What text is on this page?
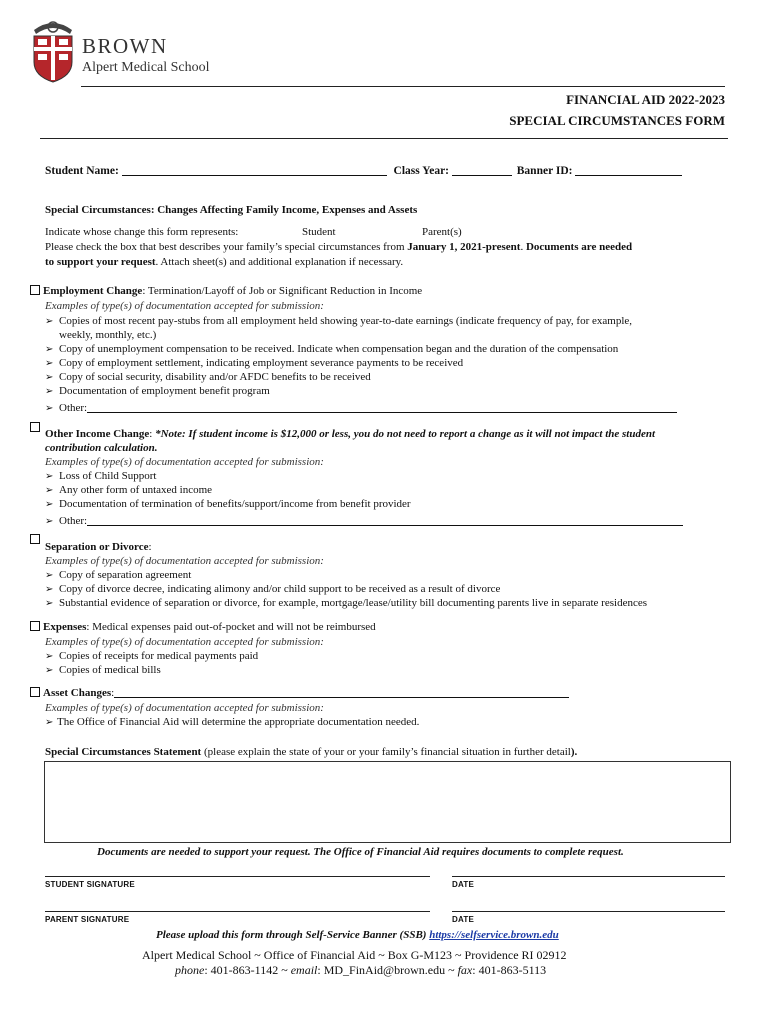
BROWN
Alpert Medical School
FINANCIAL AID 2022-2023
SPECIAL CIRCUMSTANCES FORM
Student Name:	Class Year:	Banner ID:
Special Circumstances: Changes Affecting Family Income, Expenses and Assets
Indicate whose change this form represents:	Student	Parent(s)
Please check the box that best describes your family’s special circumstances from January 1, 2021-present. Documents are needed
to support your request. Attach sheet(s) and additional explanation if necessary.
Employment Change: Termination/Layoff of Job or Significant Reduction in Income
Examples of type(s) of documentation accepted for submission:
➢ Copies of most recent pay-stubs from all employment held showing year-to-date earnings (indicate frequency of pay, for example,
weekly, monthly, etc.)
➢ Copy of unemployment compensation to be received. Indicate when compensation began and the duration of the compensation
➢ Copy of employment settlement, indicating employment severance payments to be received
➢ Copy of social security, disability and/or AFDC benefits to be received
➢ Documentation of employment benefit program
➢ Other:
Other Income Change: *Note: If student income is $12,000 or less, you do not need to report a change as it will not impact the student
contribution calculation.
Examples of type(s) of documentation accepted for submission:
➢ Loss of Child Support
➢ Any other form of untaxed income
➢ Documentation of termination of benefits/support/income from benefit provider
➢ Other:
Separation or Divorce:
Examples of type(s) of documentation accepted for submission:
➢ Copy of separation agreement
➢ Copy of divorce decree, indicating alimony and/or child support to be received as a result of divorce
➢ Substantial evidence of separation or divorce, for example, mortgage/lease/utility bill documenting parents live in separate residences
Expenses: Medical expenses paid out-of-pocket and will not be reimbursed
Examples of type(s) of documentation accepted for submission:
➢ Copies of receipts for medical payments paid
➢ Copies of medical bills
Asset Changes:
Examples of type(s) of documentation accepted for submission:
➢ The Office of Financial Aid will determine the appropriate documentation needed.
Special Circumstances Statement (please explain the state of your or your family’s financial situation in further detail).
Documents are needed to support your request. The Office of Financial Aid requires documents to complete request.
STUDENT SIGNATURE	DATE
PARENT SIGNATURE	DATE
Please upload this form through Self-Service Banner (SSB) https://selfservice.brown.edu
Alpert Medical School ~ Office of Financial Aid ~ Box G-M123 ~ Providence RI 02912
phone: 401-863-1142 ~ email: MD_FinAid@brown.edu ~ fax: 401-863-5113
